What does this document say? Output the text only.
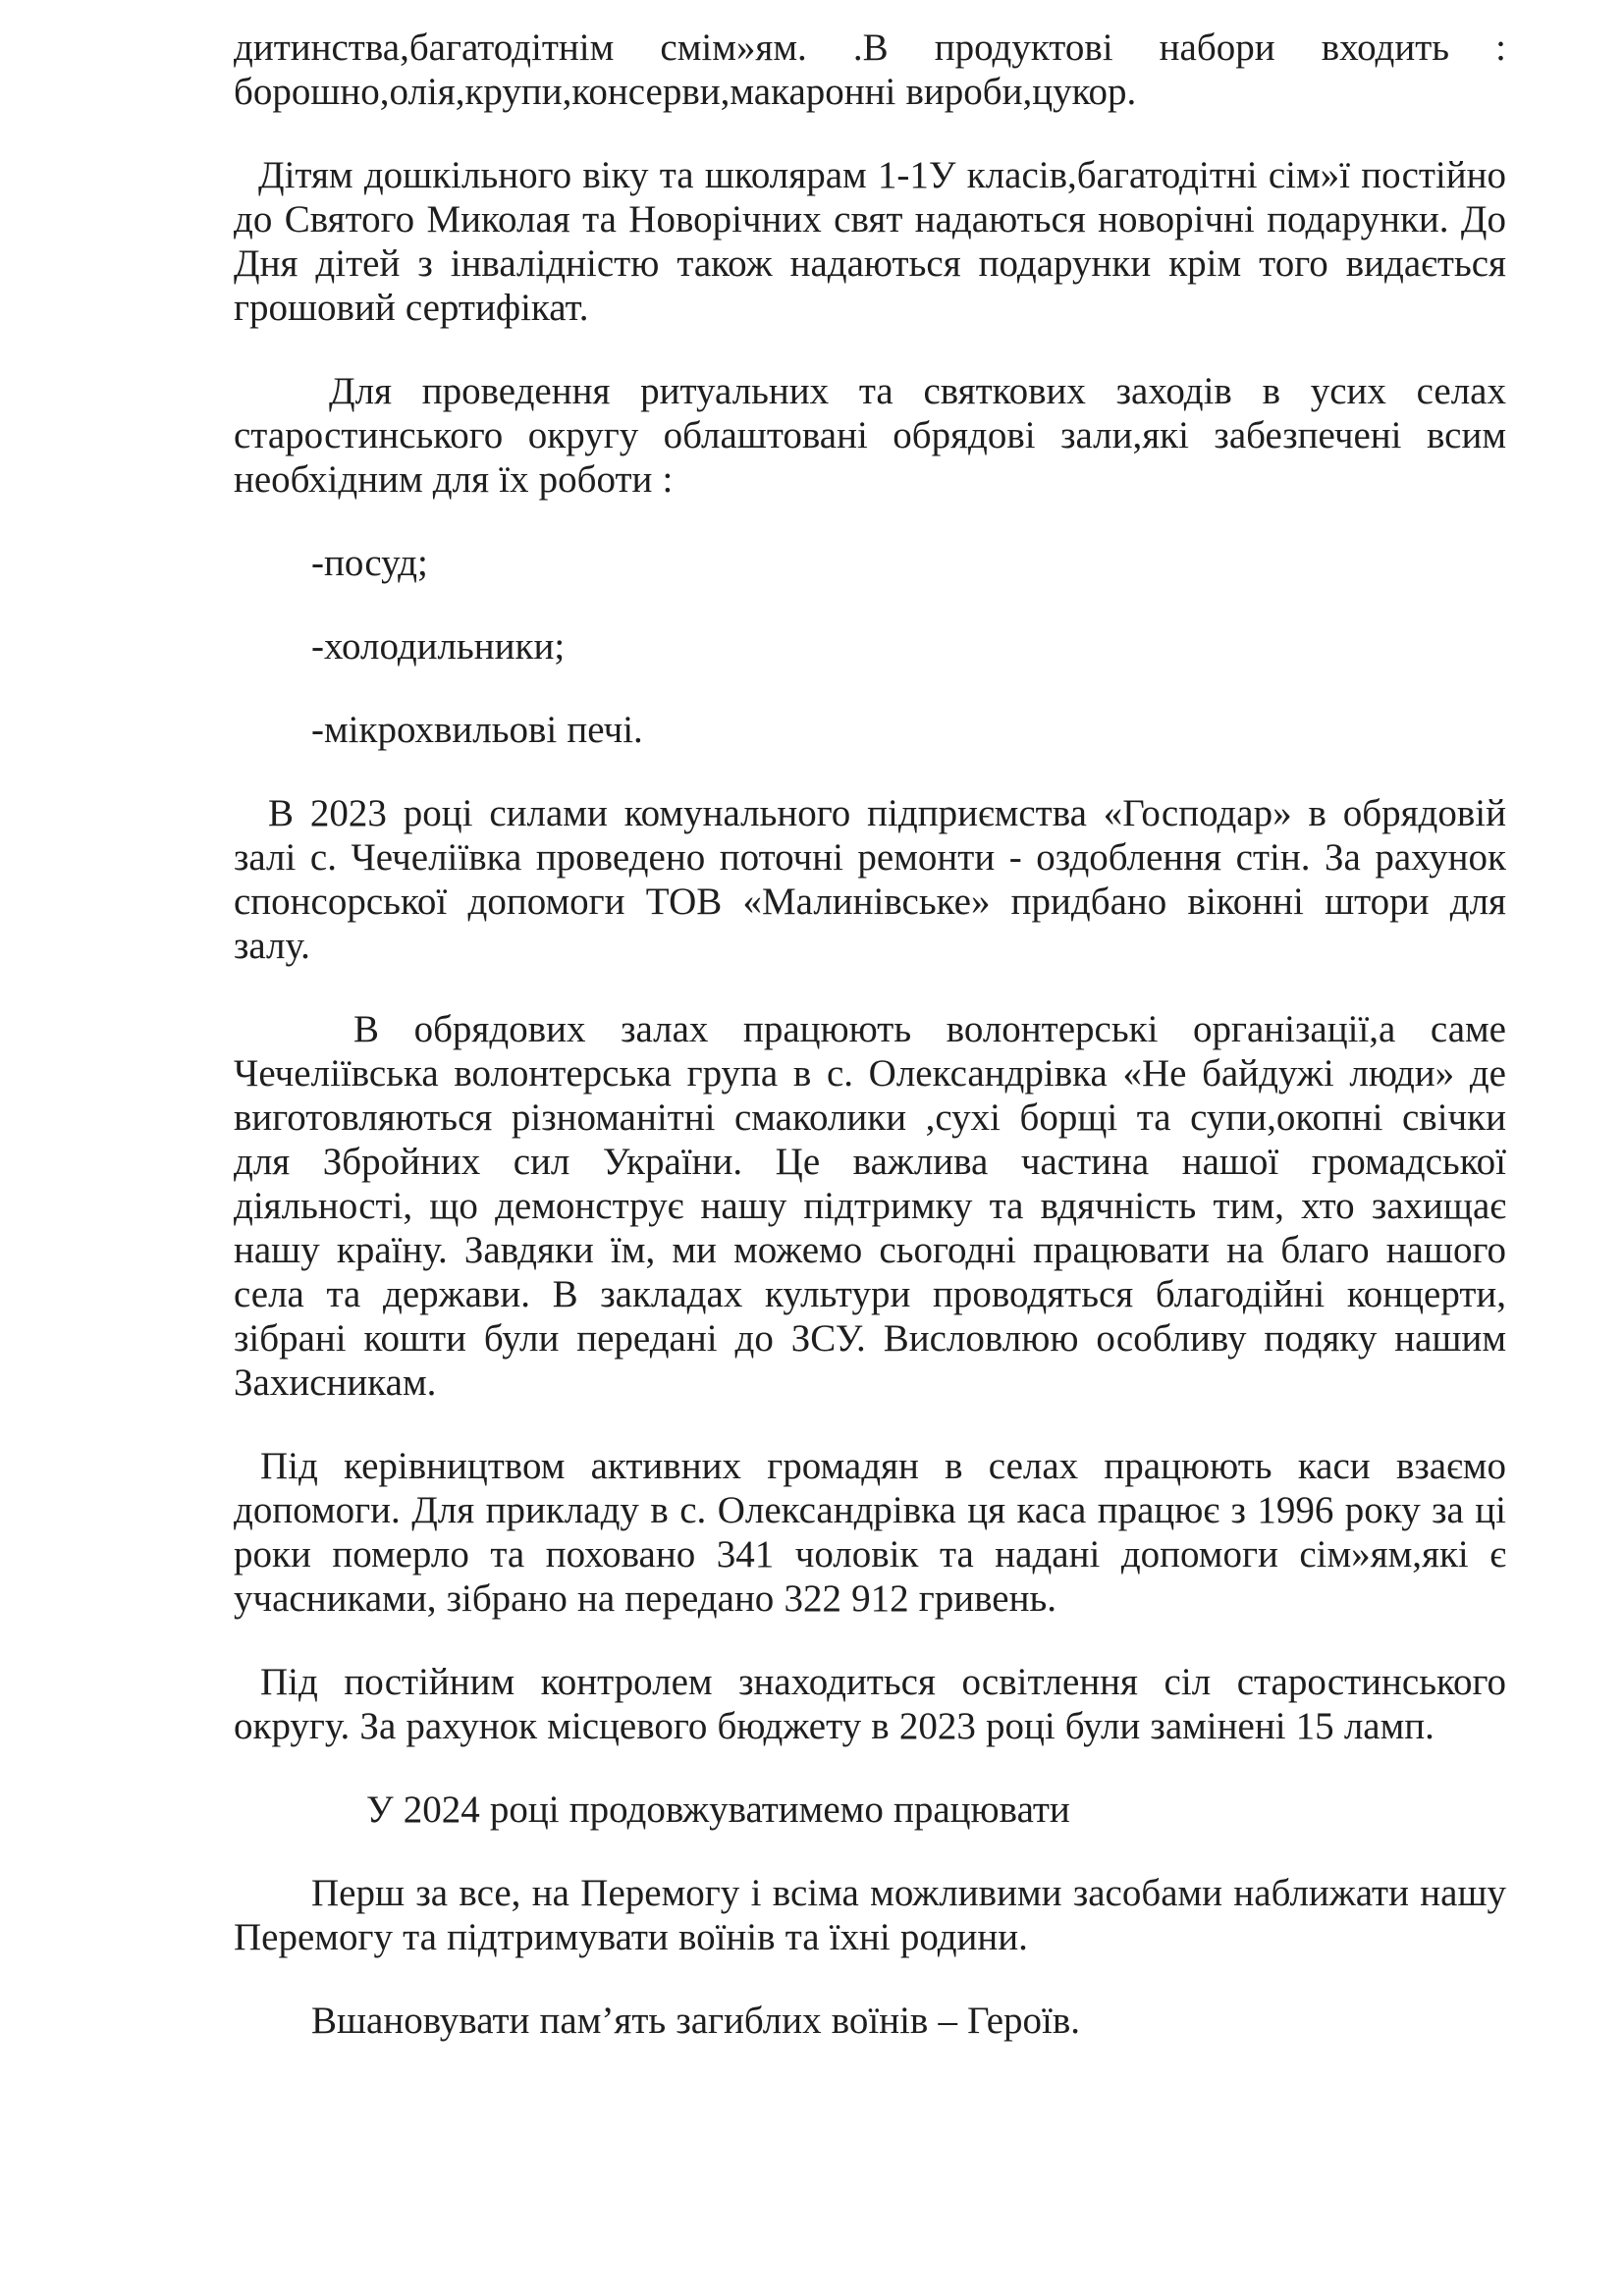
дитинства,багатодітнім смім»ям. .В продуктові набори входить : борошно,олія,крупи,консерви,макаронні вироби,цукор.

Дітям дошкільного віку та школярам 1-1У класів,багатодітні сім»ї постійно до Святого Миколая та Новорічних свят надаються новорічні подарунки. До Дня дітей з інвалідністю також надаються подарунки крім того видається грошовий сертифікат.

Для проведення ритуальних та святкових заходів в усих селах старостинського округу облаштовані обрядові зали,які забезпечені всим необхідним для їх роботи :

-посуд;

-холодильники;

-мікрохвильові печі.

В 2023 році силами комунального підприємства «Господар» в обрядовій залі с. Чечеліївка проведено поточні ремонти - оздоблення стін. За рахунок спонсорської допомоги ТОВ «Малинівське» придбано віконні штори для залу.

В обрядових залах працюють волонтерські організації,а саме Чечеліївська волонтерська група в с. Олександрівка «Не байдужі люди» де виготовляються різноманітні смаколики ,сухі борщі та супи,окопні свічки для Збройних сил України. Це важлива частина нашої громадської діяльності, що демонструє нашу підтримку та вдячність тим, хто захищає нашу країну. Завдяки їм, ми можемо сьогодні працювати на благо нашого села та держави. В закладах культури проводяться благодійні концерти, зібрані кошти були передані до ЗСУ. Висловлюю особливу подяку нашим Захисникам.

Під керівництвом активних громадян в селах працюють каси взаємо допомоги. Для прикладу в с. Олександрівка ця каса працює з 1996 року за ці роки померло та поховано 341 чоловік та надані допомоги сім»ям,які є учасниками, зібрано на передано 322 912 гривень.

Під постійним контролем знаходиться освітлення сіл старостинського округу. За рахунок місцевого бюджету в 2023 році були замінені 15 ламп.

У 2024 році продовжуватимемо працювати

Перш за все, на Перемогу і всіма можливими засобами наближати нашу Перемогу та підтримувати воїнів та їхні родини.

Вшановувати пам’ять загиблих воїнів – Героїв.
